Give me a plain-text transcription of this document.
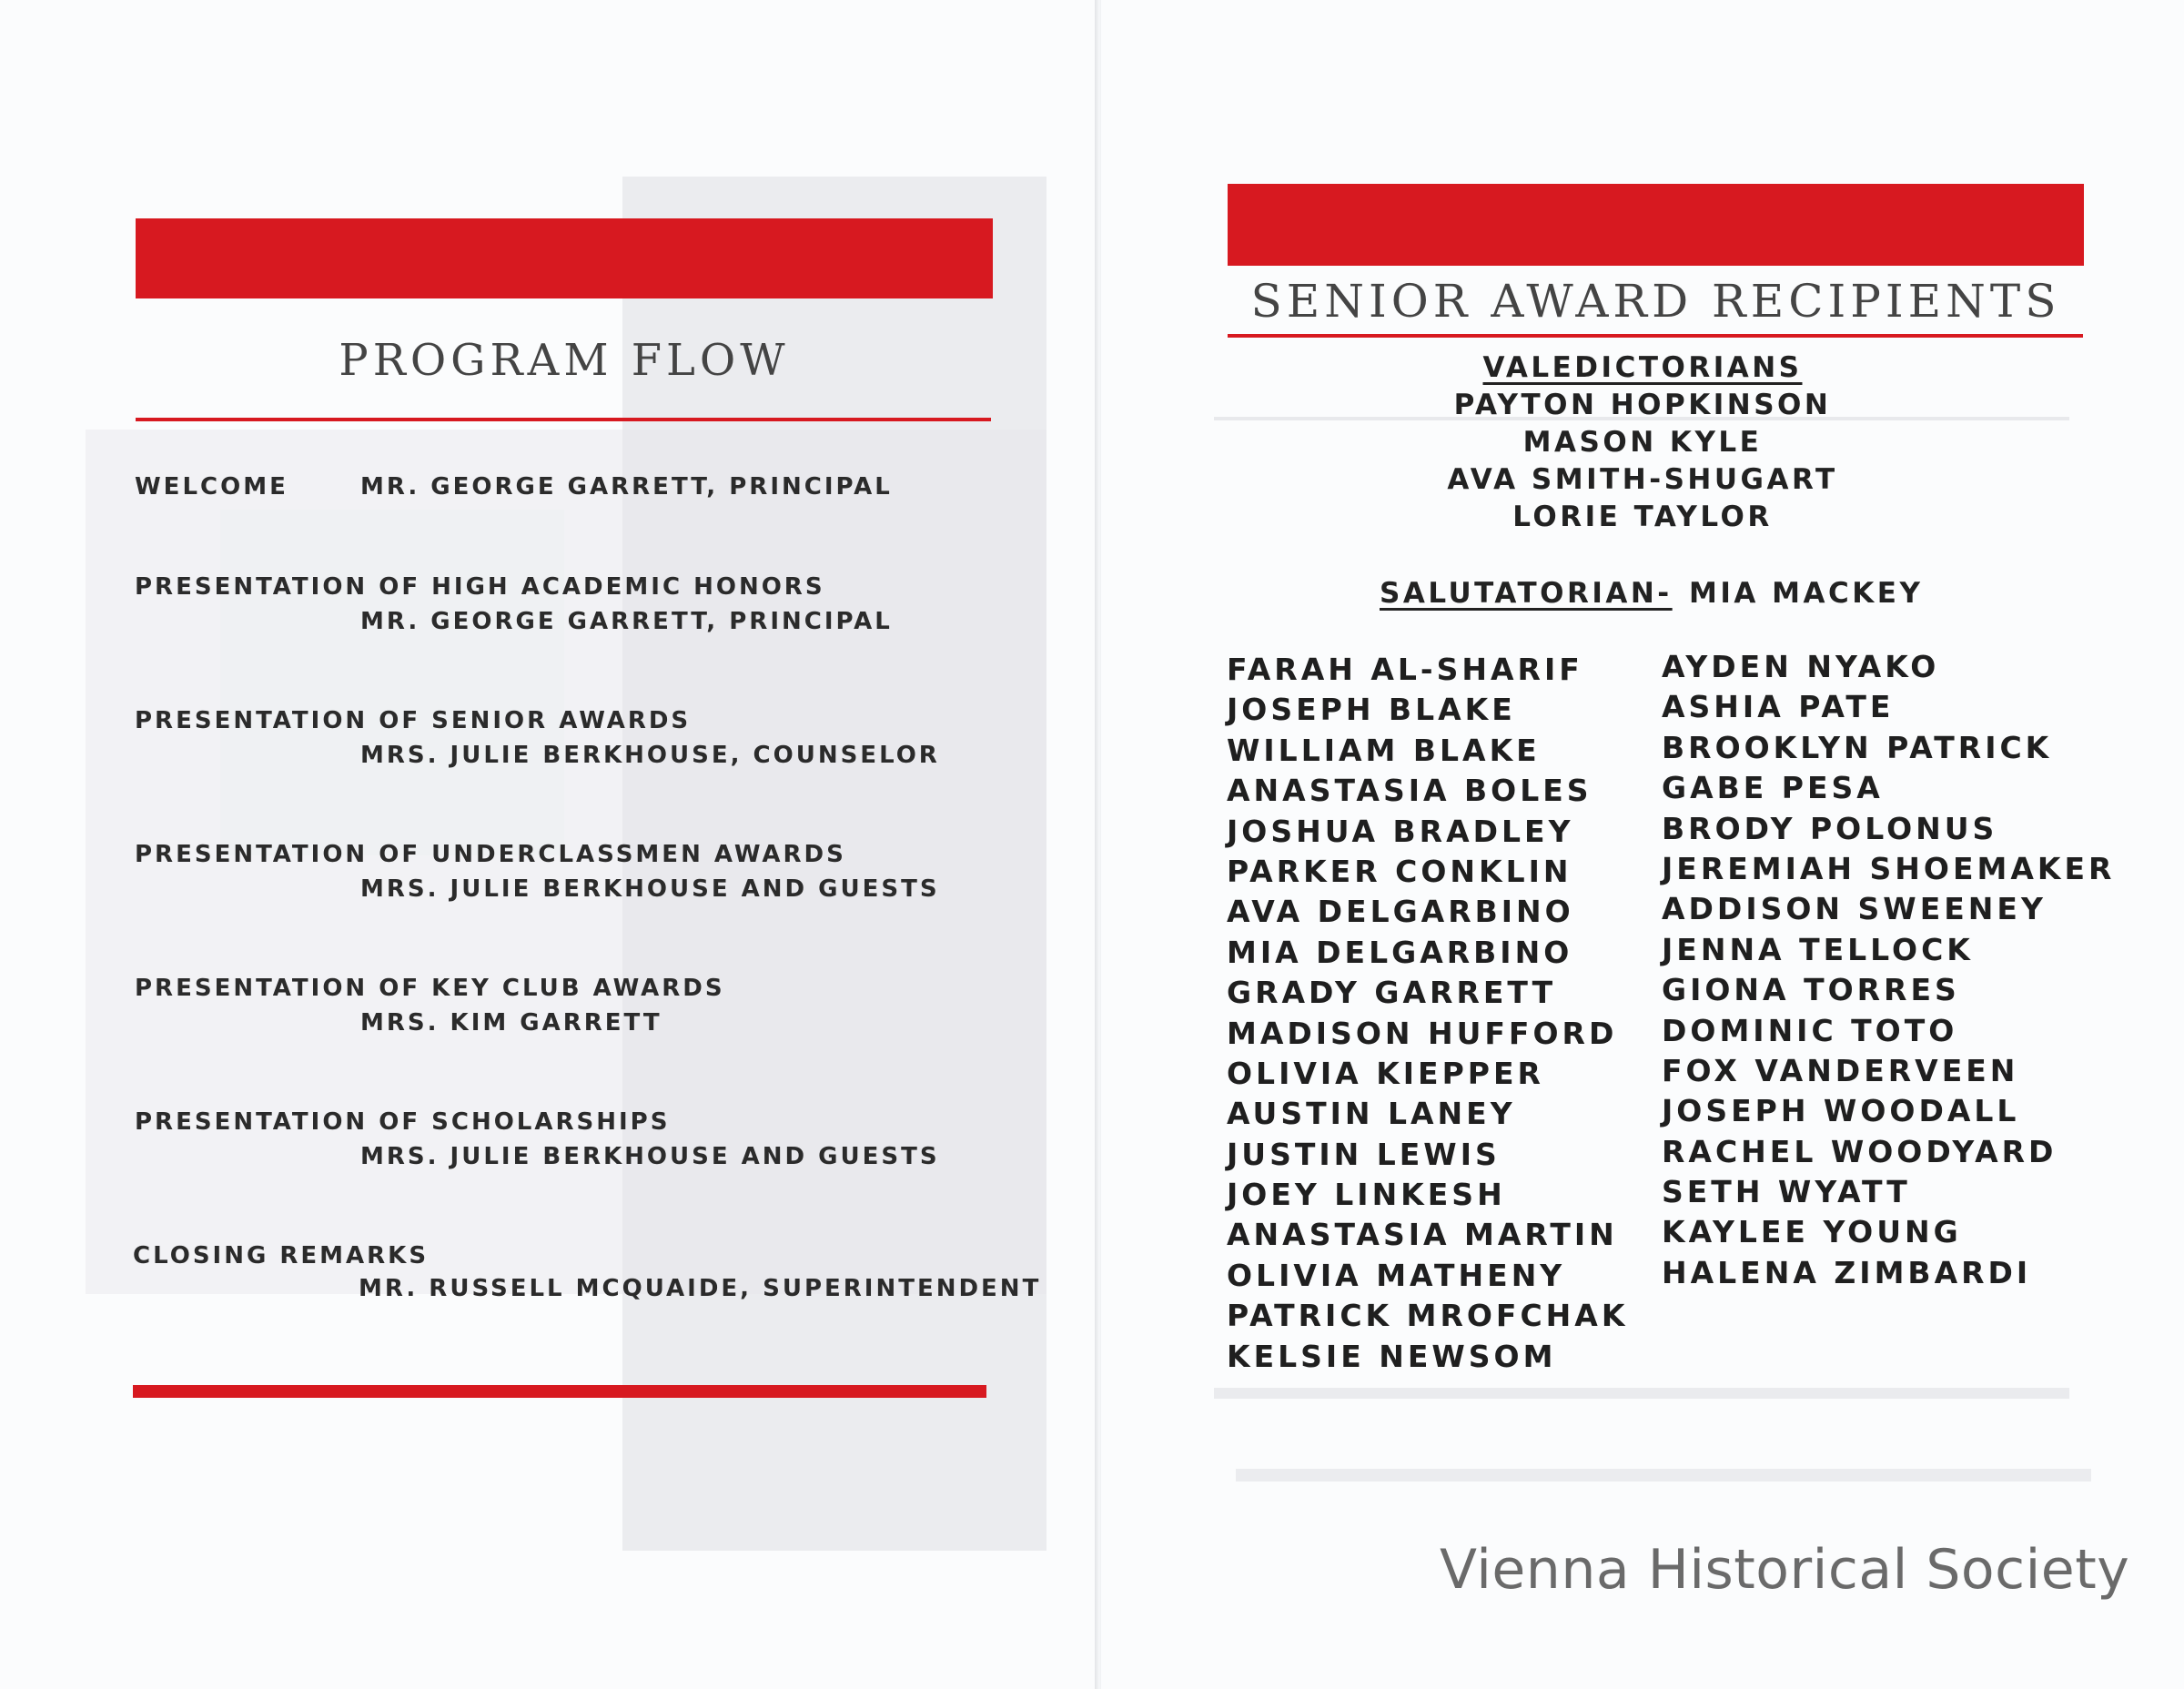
PROGRAM FLOW
WELCOME	MR. GEORGE GARRETT, PRINCIPAL
PRESENTATION OF HIGH ACADEMIC HONORS
MR. GEORGE GARRETT, PRINCIPAL
PRESENTATION OF SENIOR AWARDS
MRS. JULIE BERKHOUSE, COUNSELOR
PRESENTATION OF UNDERCLASSMEN AWARDS
MRS. JULIE BERKHOUSE AND GUESTS
PRESENTATION OF KEY CLUB AWARDS
MRS. KIM GARRETT
PRESENTATION OF SCHOLARSHIPS
MRS. JULIE BERKHOUSE AND GUESTS
CLOSING REMARKS
MR. RUSSELL MCQUAIDE, SUPERINTENDENT
SENIOR AWARD RECIPIENTS
VALEDICTORIANS
PAYTON HOPKINSON
MASON KYLE
AVA SMITH-SHUGART
LORIE TAYLOR
SALUTATORIAN- MIA MACKEY
FARAH AL-SHARIF
JOSEPH BLAKE
WILLIAM BLAKE
ANASTASIA BOLES
JOSHUA BRADLEY
PARKER CONKLIN
AVA DELGARBINO
MIA DELGARBINO
GRADY GARRETT
MADISON HUFFORD
OLIVIA KIEPPER
AUSTIN LANEY
JUSTIN LEWIS
JOEY LINKESH
ANASTASIA MARTIN
OLIVIA MATHENY
PATRICK MROFCHAK
KELSIE NEWSOM
AYDEN NYAKO
ASHIA PATE
BROOKLYN PATRICK
GABE PESA
BRODY POLONUS
JEREMIAH SHOEMAKER
ADDISON SWEENEY
JENNA TELLOCK
GIONA TORRES
DOMINIC TOTO
FOX VANDERVEEN
JOSEPH WOODALL
RACHEL WOODYARD
SETH WYATT
KAYLEE YOUNG
HALENA ZIMBARDI
Vienna Historical Society
